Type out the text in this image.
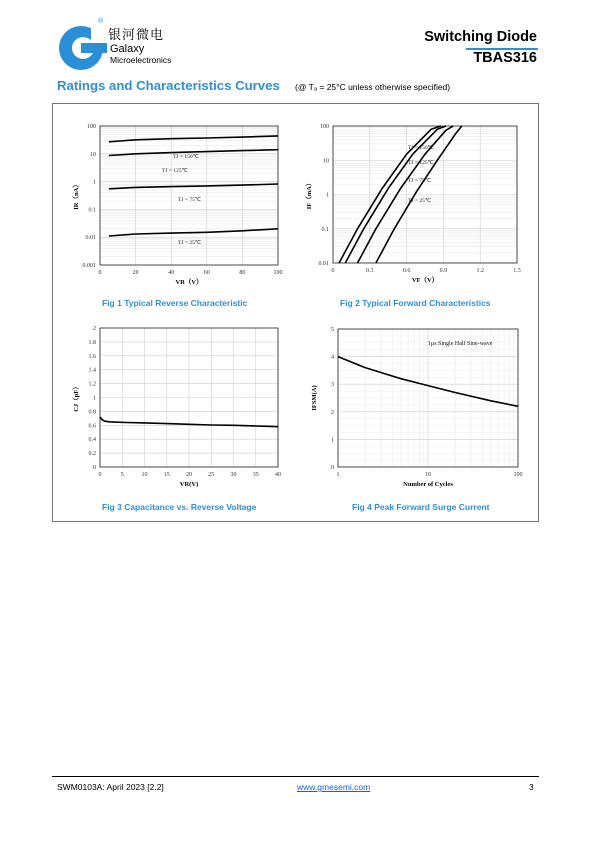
®
银河微电
Galaxy
Microelectronics
Switching Diode
TBAS316
Ratings and Characteristics Curves (@ Tₐ = 25°C unless otherwise specified)
0	20	40	60	80	100
100
10
1
0.1
0.01
0.001
VR（V）
IR（nA）
TJ = 150℃
TJ = 125℃
TJ = 75℃
TJ = 25℃
Fig 1 Typical Reverse Characteristic
0	0.3	0.6	0.9	1.2	1.5
100
10
1
0.1
0.01
VF（V）
IF（mA）
TJ = 150℃
TJ = 125℃
TJ = 75℃
TJ = 25℃
Fig 2 Typical Forward Characteristics
0	5	10	15	20	25	30	35	40
2
1.8
1.6
1.4
1.2
1
0.8
0.6
0.4
0.2
0
VR(V)
CJ（pF）
Fig 3 Capacitance vs. Reverse Voltage
1	10	100
5
4
3
2
1
0
Number of Cycles
IFSM(A)
1μs Single Half Sine-wave
Fig 4 Peak Forward Surge Current
SWM0103A: April 2023 [2.2]	www.gmesemi.com	3
